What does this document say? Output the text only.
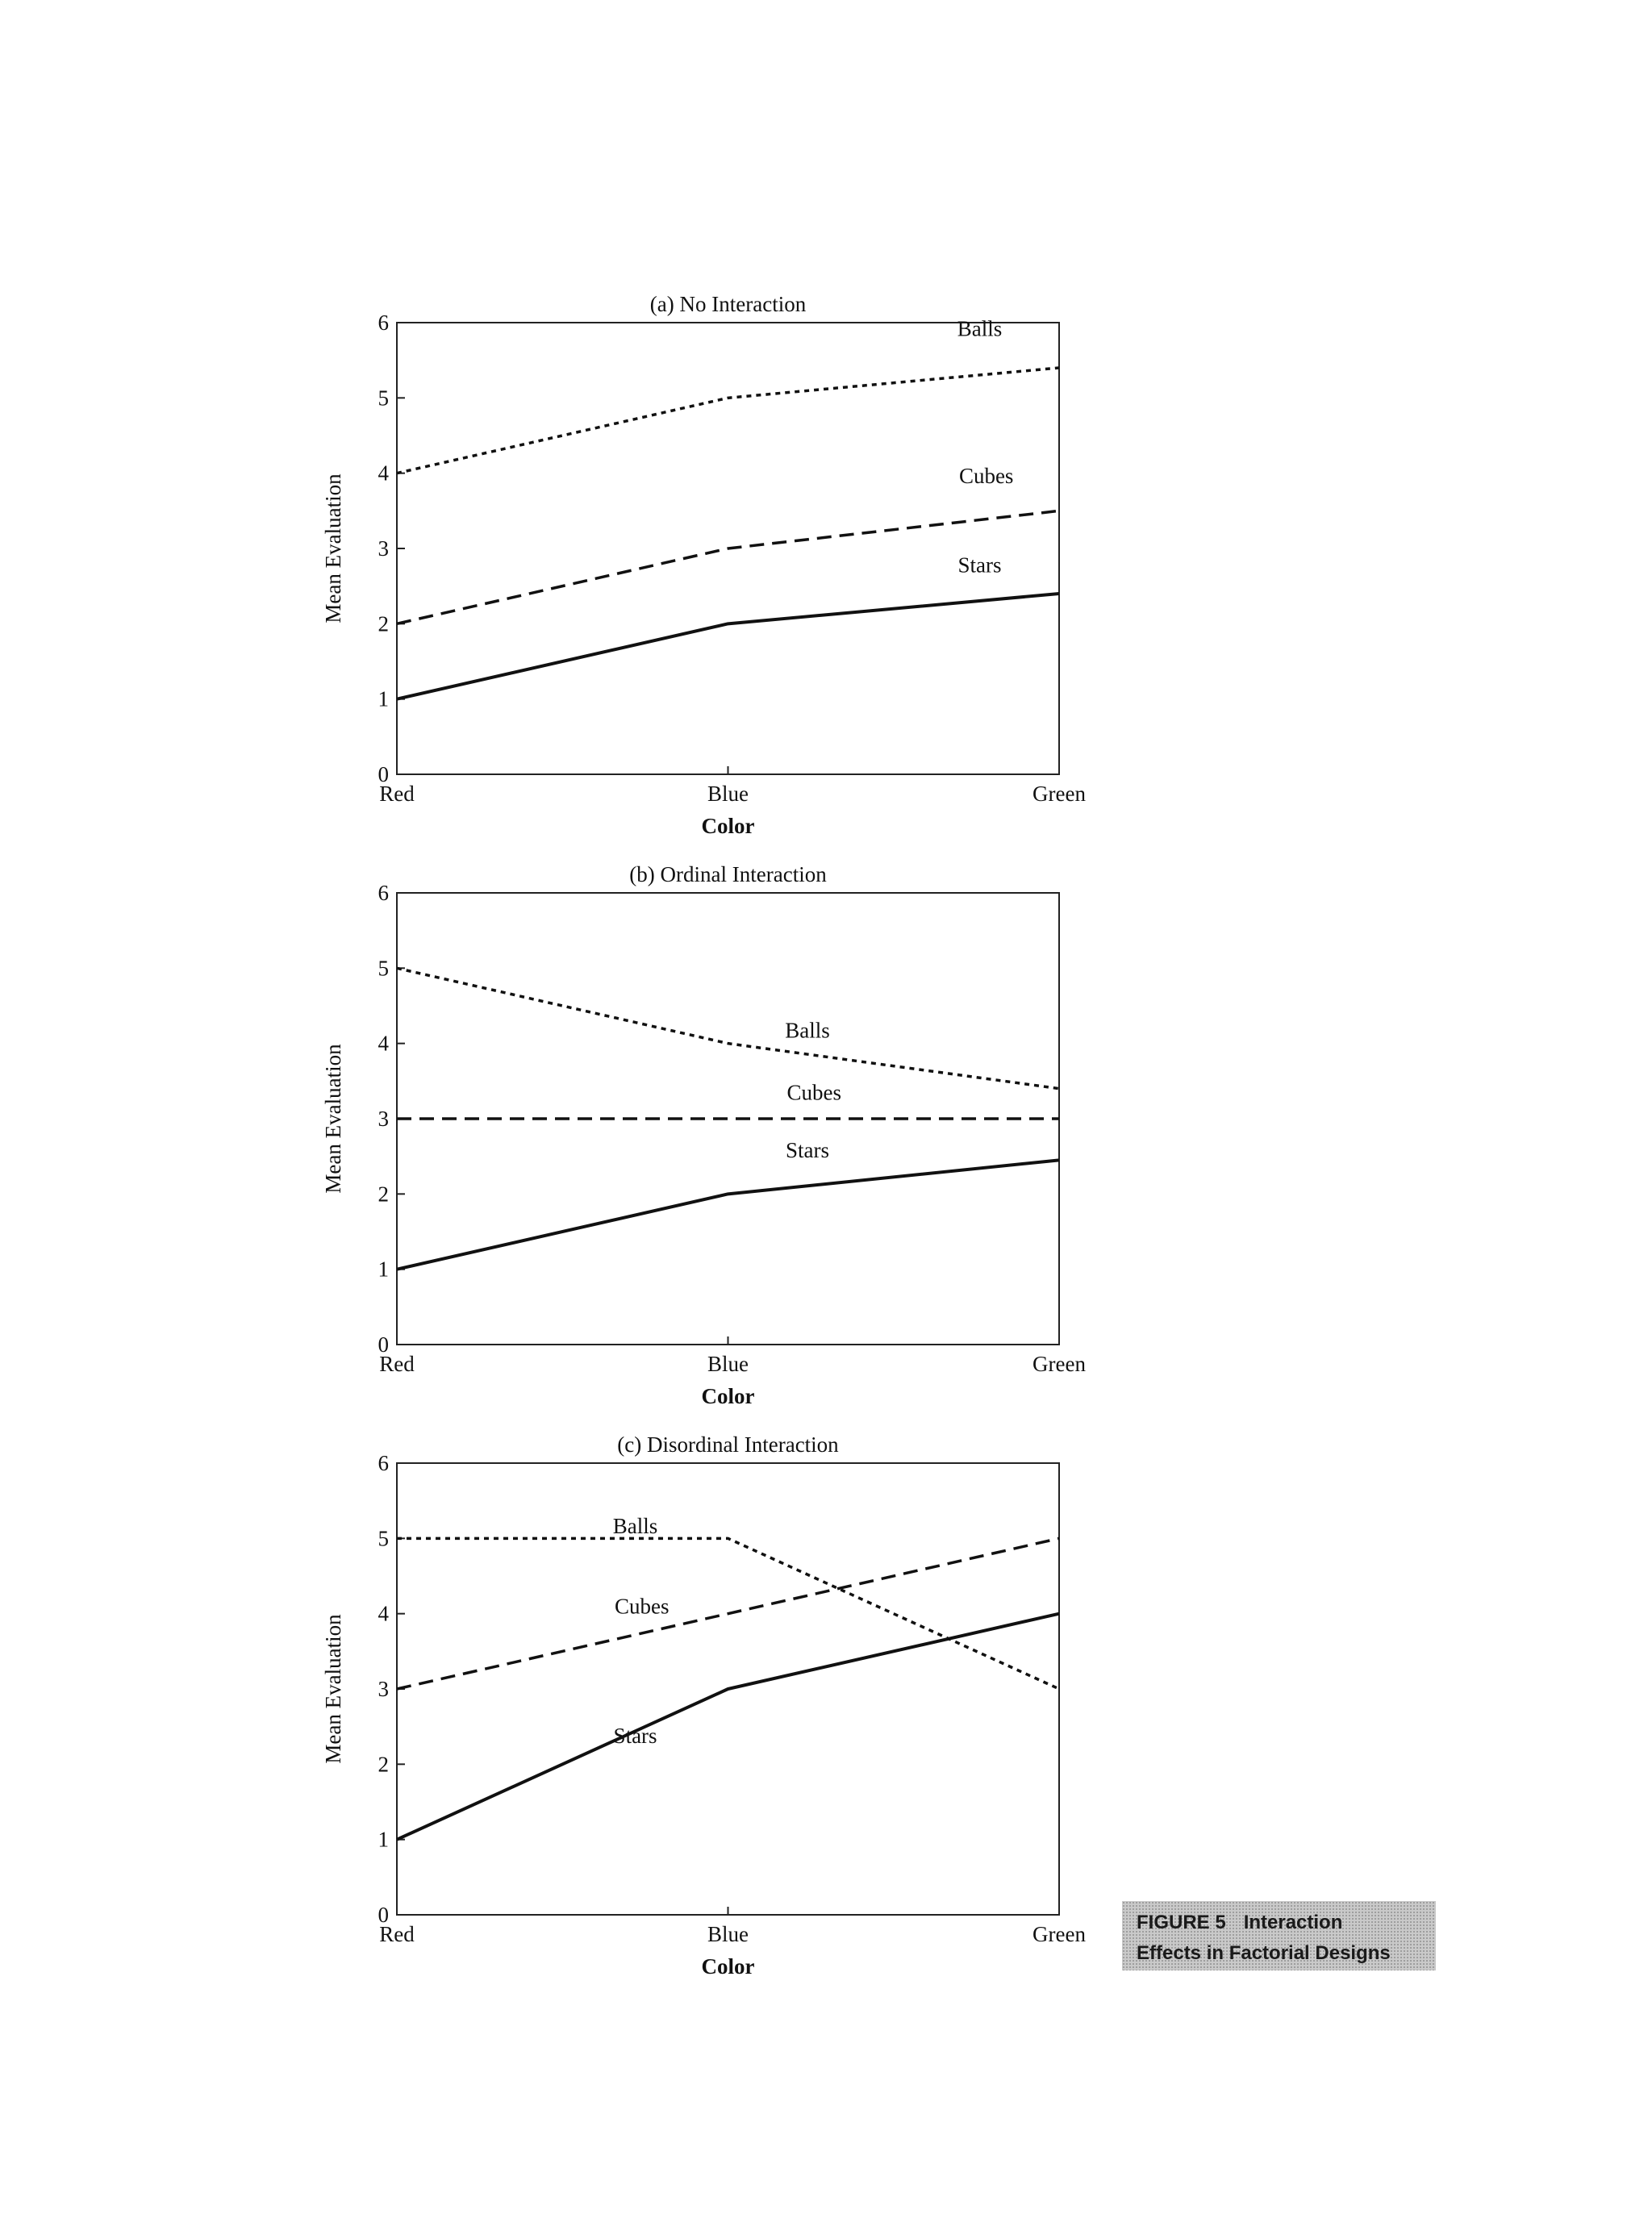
(a) No Interaction
0
1
2
3
4
5
6
Red	Blue	Green
Color
Mean Evaluation
Balls
Cubes
Stars
(b) Ordinal Interaction
0
1
2
3
4
5
6
Red	Blue	Green
Color
Mean Evaluation
Balls
Cubes
Stars
(c) Disordinal Interaction
0
1
2
3
4
5
6
Red	Blue	Green
Color
Mean Evaluation
Balls
Cubes
Stars
FIGURE 5 Interaction
Effects in Factorial Designs
